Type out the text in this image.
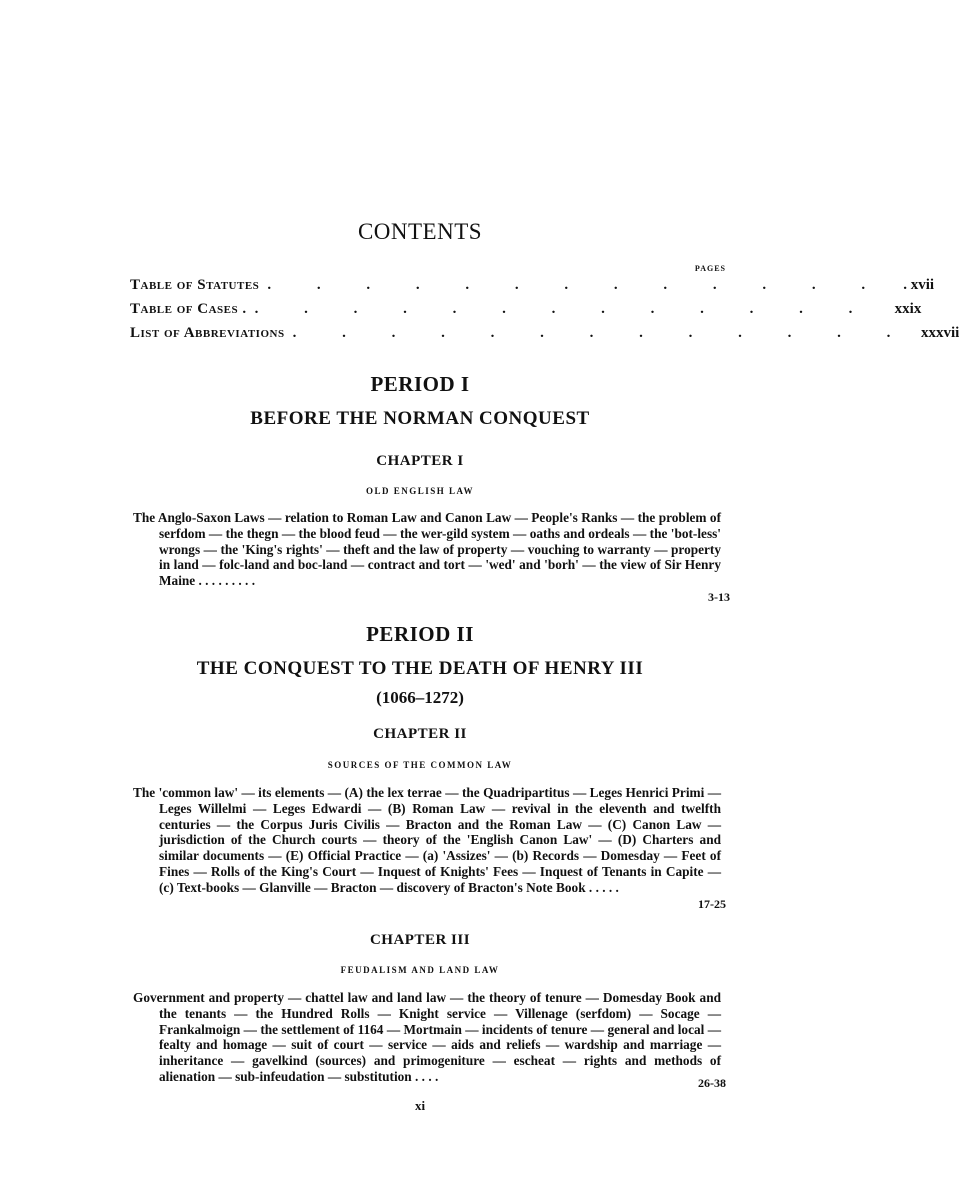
CONTENTS
PAGES
Table of Statutes . . . . . . . . . . . . .	. xvii
Table of Cases . . . . . . . . . . . . . .	xxix
List of Abbreviations . . . . . . . . . . . . . xxxvii
PERIOD I
BEFORE THE NORMAN CONQUEST
CHAPTER I
OLD ENGLISH LAW
The Anglo-Saxon Laws — relation to Roman Law and Canon Law — People's Ranks — the problem of serfdom — the thegn — the blood feud — the wer-gild system — oaths and ordeals — the 'bot-less' wrongs — the 'King's rights' — theft and the law of property — vouching to warranty — property in land — folc-land and boc-land — contract and tort — 'wed' and 'borh' — the view of Sir Henry Maine . . . . . . . . .
3-13
PERIOD II
THE CONQUEST TO THE DEATH OF HENRY III
(1066–1272)
CHAPTER II
SOURCES OF THE COMMON LAW
The 'common law' — its elements — (A) the lex terrae — the Quadripartitus — Leges Henrici Primi — Leges Willelmi — Leges Edwardi — (B) Roman Law — revival in the eleventh and twelfth centuries — the Corpus Juris Civilis — Bracton and the Roman Law — (C) Canon Law — jurisdiction of the Church courts — theory of the 'English Canon Law' — (D) Charters and similar documents — (E) Official Practice — (a) 'Assizes' — (b) Records — Domesday — Feet of Fines — Rolls of the King's Court — Inquest of Knights' Fees — Inquest of Tenants in Capite — (c) Text-books — Glanville — Bracton — discovery of Bracton's Note Book . . . . .
17-25
CHAPTER III
FEUDALISM AND LAND LAW
Government and property — chattel law and land law — the theory of tenure — Domesday Book and the tenants — the Hundred Rolls — Knight service — Villenage (serfdom) — Socage — Frankalmoign — the settlement of 1164 — Mortmain — incidents of tenure — general and local — fealty and homage — suit of court — service — aids and reliefs — wardship and marriage — inheritance — gavelkind (sources) and primogeniture — escheat — rights and methods of alienation — sub-infeudation — substitution . . . .	26-38
xi
